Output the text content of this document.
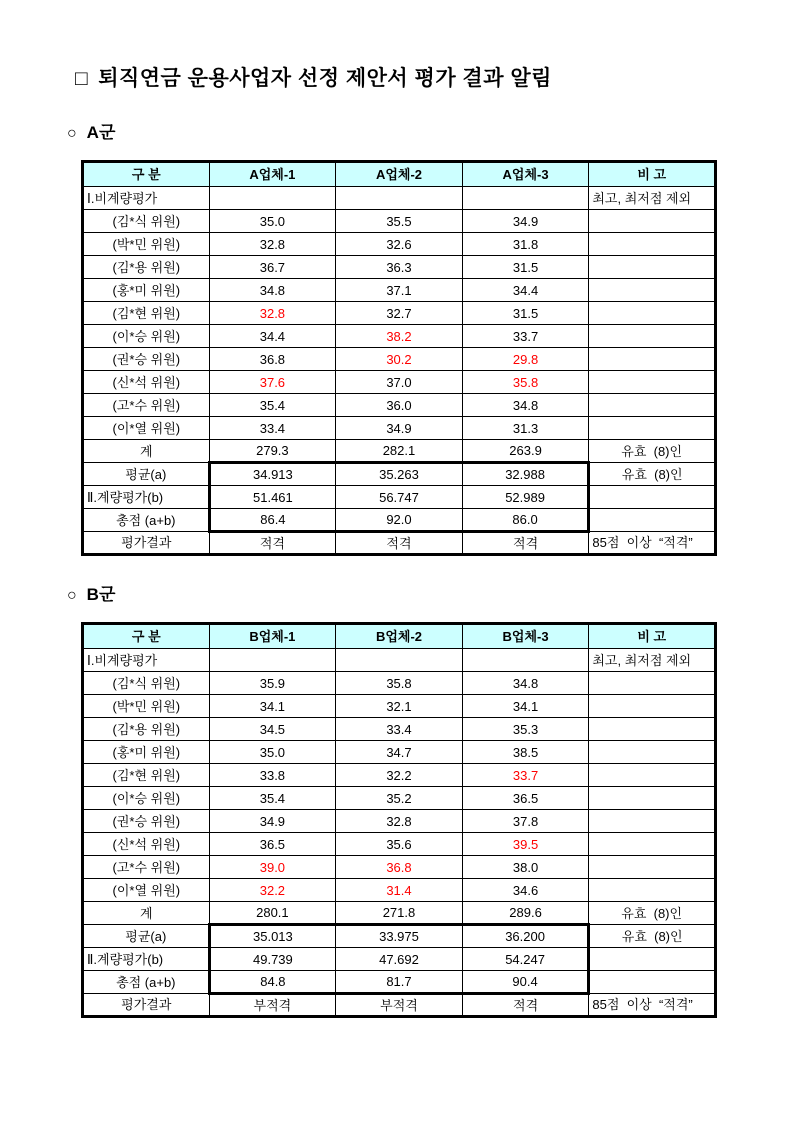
□ 퇴직연금 운용사업자 선정 제안서 평가 결과 알림
○ A군
구 분	A업체-1	A업체-2	A업체-3	비 고
Ⅰ.비계량평가				최고, 최저점 제외
(김*식 위원)	35.0	35.5	34.9	
(박*민 위원)	32.8	32.6	31.8	
(김*용 위원)	36.7	36.3	31.5	
(홍*미 위원)	34.8	37.1	34.4	
(김*현 위원)	32.8	32.7	31.5	
(이*승 위원)	34.4	38.2	33.7	
(권*승 위원)	36.8	30.2	29.8	
(신*석 위원)	37.6	37.0	35.8	
(고*수 위원)	35.4	36.0	34.8	
(이*열 위원)	33.4	34.9	31.3	
계	279.3	282.1	263.9	유효  (8)인
평균(a)	34.913	35.263	32.988	유효  (8)인
Ⅱ.계량평가(b)	51.461	56.747	52.989	
총점 (a+b)	86.4	92.0	86.0	
평가결과	적격	적격	적격	85점  이상  “적격”
○ B군
구 분	B업체-1	B업체-2	B업체-3	비 고
Ⅰ.비계량평가				최고, 최저점 제외
(김*식 위원)	35.9	35.8	34.8	
(박*민 위원)	34.1	32.1	34.1	
(김*용 위원)	34.5	33.4	35.3	
(홍*미 위원)	35.0	34.7	38.5	
(김*현 위원)	33.8	32.2	33.7	
(이*승 위원)	35.4	35.2	36.5	
(권*승 위원)	34.9	32.8	37.8	
(신*석 위원)	36.5	35.6	39.5	
(고*수 위원)	39.0	36.8	38.0	
(이*열 위원)	32.2	31.4	34.6	
계	280.1	271.8	289.6	유효  (8)인
평균(a)	35.013	33.975	36.200	유효  (8)인
Ⅱ.계량평가(b)	49.739	47.692	54.247	
총점 (a+b)	84.8	81.7	90.4	
평가결과	부적격	부적격	적격	85점  이상  “적격”
